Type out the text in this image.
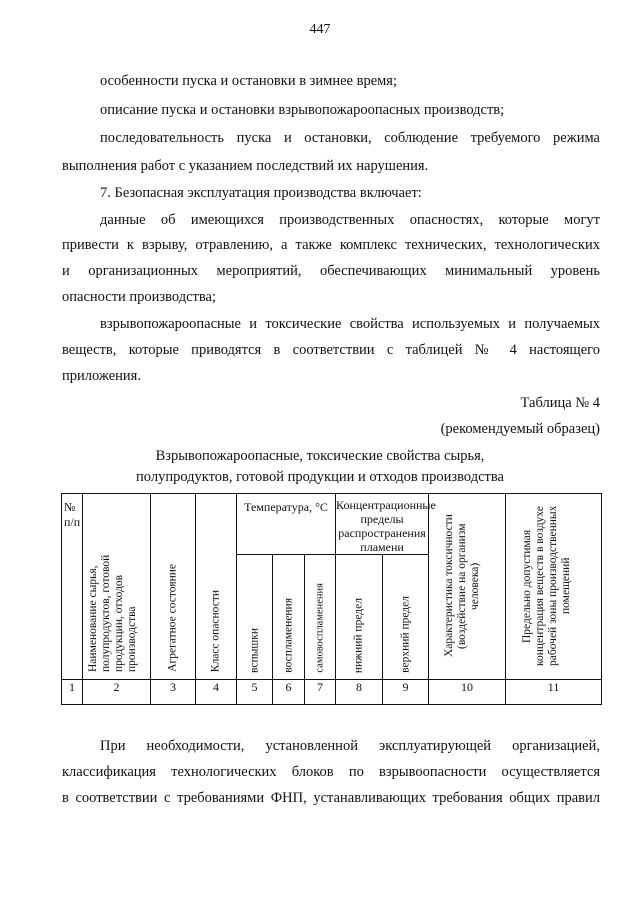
447
особенности пуска и остановки в зимнее время;
описание пуска и остановки взрывопожароопасных производств;
последовательность пуска и остановки, соблюдение требуемого режима
выполнения работ с указанием последствий их нарушения.
7. Безопасная эксплуатация производства включает:
данные об имеющихся производственных опасностях, которые могут
привести к взрыву, отравлению, а также комплекс технических, технологических
и организационных мероприятий, обеспечивающих минимальный уровень
опасности производства;
взрывопожароопасные и токсические свойства используемых и получаемых
веществ, которые приводятся в соответствии с таблицей № 4 настоящего
приложения.
Таблица № 4
(рекомендуемый образец)
Взрывопожароопасные, токсические свойства сырья,
полупродуктов, готовой продукции и отходов производства
№ п/п	Наименование сырья, полупродуктов, готовой продукции, отходов производства	Агрегатное состояние	Класс опасности	Температура, °С			Концентрационные пределы распространения пламени		Характеристика токсичности (воздействие на организм человека)	Предельно допустимая концентрация веществ в воздухе рабочей зоны производственных помещений

				вспышки	воспламенения	самовоспламенения	нижний предел	верхний предел		

1	2	3	4	5	6	7	8	9	10	11
При необходимости, установленной эксплуатирующей организацией,
классификация технологических блоков по взрывоопасности осуществляется
в соответствии с требованиями ФНП, устанавливающих требования общих правил
